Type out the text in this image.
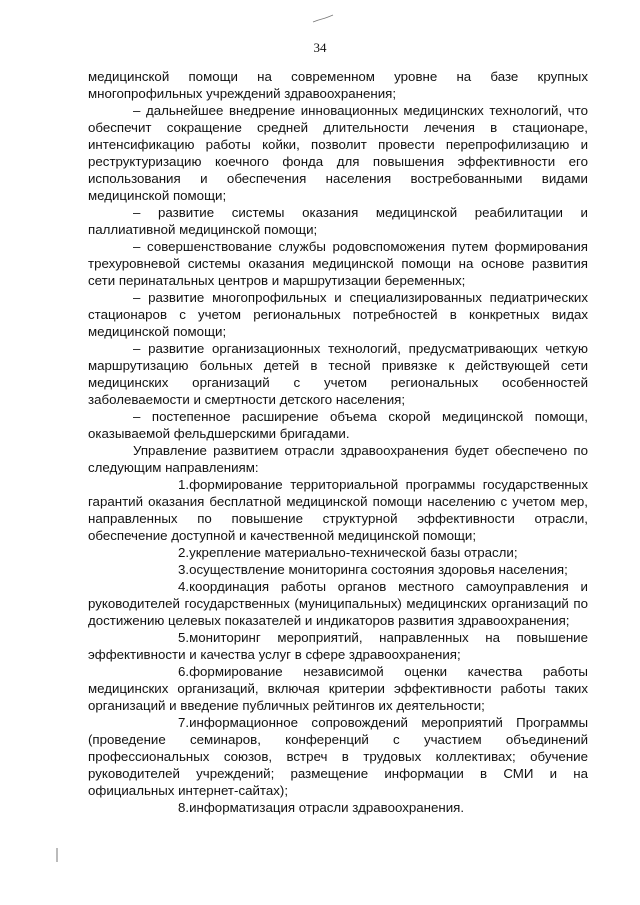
34

медицинской помощи на современном уровне на базе крупных многопрофильных учреждений здравоохранения;

– дальнейшее внедрение инновационных медицинских технологий, что обеспечит сокращение средней длительности лечения в стационаре, интенсификацию работы койки, позволит провести перепрофилизацию и реструктуризацию коечного фонда для повышения эффективности его использования и обеспечения населения востребованными видами медицинской помощи;

– развитие системы оказания медицинской реабилитации и паллиативной медицинской помощи;

– совершенствование службы родовспоможения путем формирования трехуровневой системы оказания медицинской помощи на основе развития сети перинатальных центров и маршрутизации беременных;

– развитие многопрофильных и специализированных педиатрических стационаров с учетом региональных потребностей в конкретных видах медицинской помощи;

– развитие организационных технологий, предусматривающих четкую маршрутизацию больных детей в тесной привязке к действующей сети медицинских организаций с учетом региональных особенностей заболеваемости и смертности детского населения;

– постепенное расширение объема скорой медицинской помощи, оказываемой фельдшерскими бригадами.

Управление развитием отрасли здравоохранения будет обеспечено по следующим направлениям:

1.формирование территориальной программы государственных гарантий оказания бесплатной медицинской помощи населению с учетом мер, направленных по повышение структурной эффективности отрасли, обеспечение доступной и качественной медицинской помощи;

2.укрепление материально-технической базы отрасли;

3.осуществление мониторинга состояния здоровья населения;

4.координация работы органов местного самоуправления и руководителей государственных (муниципальных) медицинских организаций по достижению целевых показателей и индикаторов развития здравоохранения;

5.мониторинг мероприятий, направленных на повышение эффективности и качества услуг в сфере здравоохранения;

6.формирование независимой оценки качества работы медицинских организаций, включая критерии эффективности работы таких организаций и введение публичных рейтингов их деятельности;

7.информационное сопровождений мероприятий Программы (проведение семинаров, конференций с участием объединений профессиональных союзов, встреч в трудовых коллективах; обучение руководителей учреждений; размещение информации в СМИ и на официальных интернет-сайтах);

8.информатизация отрасли здравоохранения.
